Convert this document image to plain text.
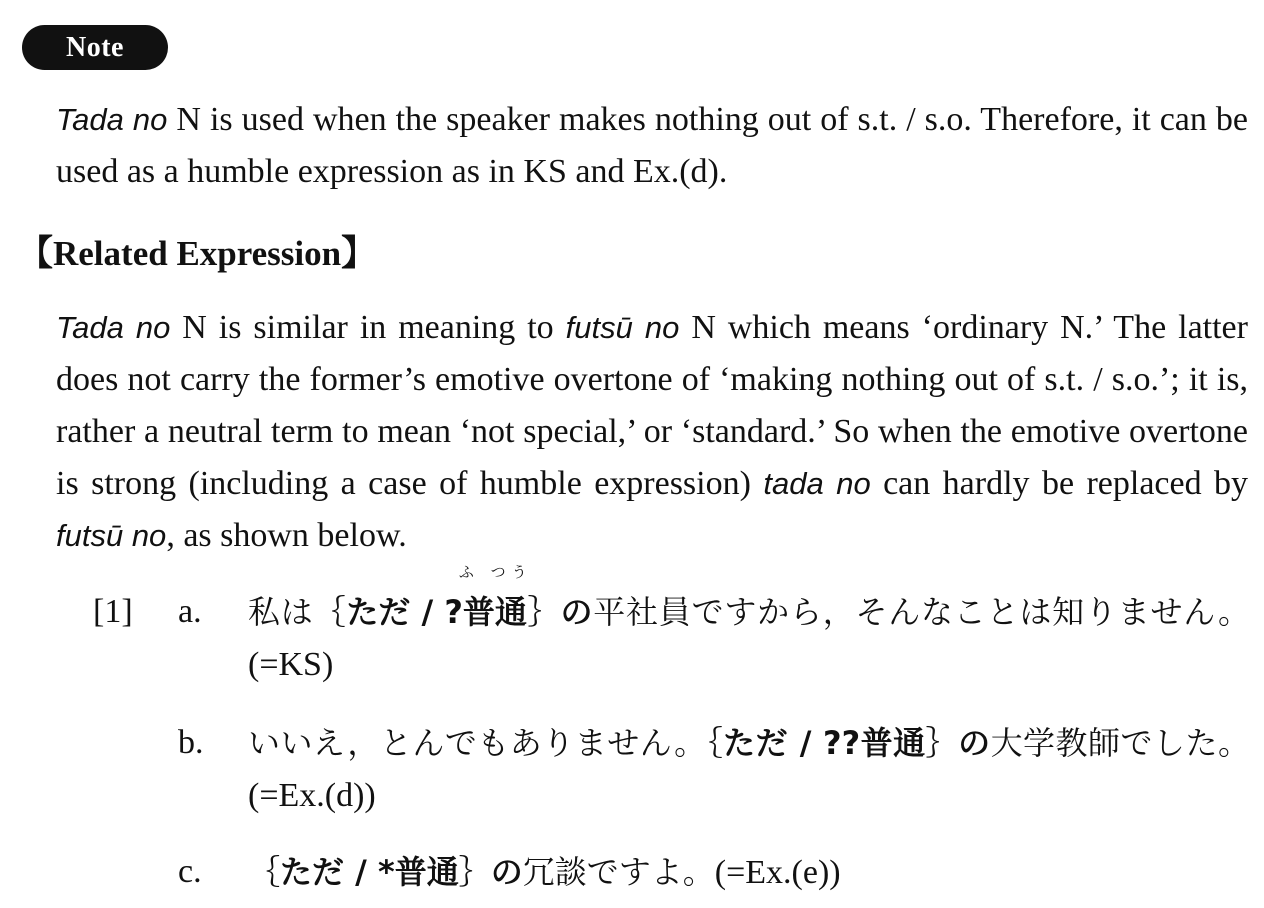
Note
Tada no N is used when the speaker makes nothing out of s.t. / s.o. Therefore, it can be used as a humble expression as in KS and Ex.(d).
【Related Expression】
Tada no N is similar in meaning to futsū no N which means ‘ordinary N.’ The latter does not carry the former’s emotive overtone of ‘making nothing out of s.t. / s.o.’; it is, rather a neutral term to mean ‘not special,’ or ‘standard.’ So when the emotive overtone is strong (including a case of humble expression) tada no can hardly be replaced by futsū no, as shown below.
[1] a. 私は｛
ふ つう
ただ / ?普通｝の平社員ですから，そんなことは知りません。(=KS)
b. いいえ，とんでもありません。｛ただ / ??普通｝の大学教師でした。(=Ex.(d))
c. ｛ただ / *普通｝の冗談ですよ。(=Ex.(e))
